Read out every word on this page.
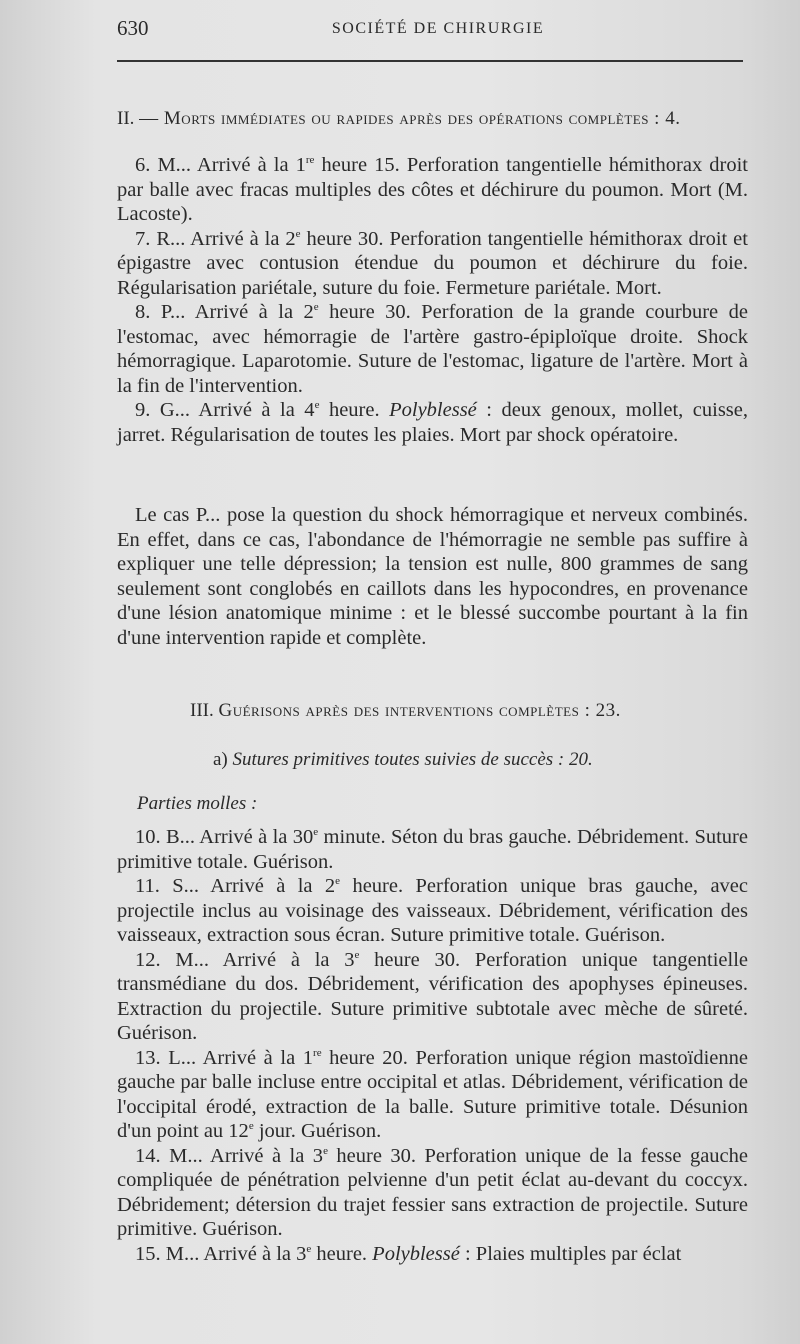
630	SOCIÉTÉ DE CHIRURGIE
II. — Morts immédiates ou rapides après des opérations complètes : 4.

6. M... Arrivé à la 1re heure 15. Perforation tangentielle hémithorax droit par balle avec fracas multiples des côtes et déchirure du poumon. Mort (M. Lacoste).

7. R... Arrivé à la 2e heure 30. Perforation tangentielle hémithorax droit et épigastre avec contusion étendue du poumon et déchirure du foie. Régularisation pariétale, suture du foie. Fermeture pariétale. Mort.

8. P... Arrivé à la 2e heure 30. Perforation de la grande courbure de l'estomac, avec hémorragie de l'artère gastro-épiploïque droite. Shock hémorragique. Laparotomie. Suture de l'estomac, ligature de l'artère. Mort à la fin de l'intervention.

9. G... Arrivé à la 4e heure. Polyblessé : deux genoux, mollet, cuisse, jarret. Régularisation de toutes les plaies. Mort par shock opératoire.

Le cas P... pose la question du shock hémorragique et nerveux combinés. En effet, dans ce cas, l'abondance de l'hémorragie ne semble pas suffire à expliquer une telle dépression; la tension est nulle, 800 grammes de sang seulement sont conglobés en caillots dans les hypocondres, en provenance d'une lésion anatomique minime : et le blessé succombe pourtant à la fin d'une intervention rapide et complète.

III. Guérisons après des interventions complètes : 23.
a) Sutures primitives toutes suivies de succès : 20.
Parties molles :

10. B... Arrivé à la 30e minute. Séton du bras gauche. Débridement. Suture primitive totale. Guérison.

11. S... Arrivé à la 2e heure. Perforation unique bras gauche, avec projectile inclus au voisinage des vaisseaux. Débridement, vérification des vaisseaux, extraction sous écran. Suture primitive totale. Guérison.

12. M... Arrivé à la 3e heure 30. Perforation unique tangentielle transmédiane du dos. Débridement, vérification des apophyses épineuses. Extraction du projectile. Suture primitive subtotale avec mèche de sûreté. Guérison.

13. L... Arrivé à la 1re heure 20. Perforation unique région mastoïdienne gauche par balle incluse entre occipital et atlas. Débridement, vérification de l'occipital érodé, extraction de la balle. Suture primitive totale. Désunion d'un point au 12e jour. Guérison.

14. M... Arrivé à la 3e heure 30. Perforation unique de la fesse gauche compliquée de pénétration pelvienne d'un petit éclat au-devant du coccyx. Débridement; détersion du trajet fessier sans extraction de projectile. Suture primitive. Guérison.

15. M... Arrivé à la 3e heure. Polyblessé : Plaies multiples par éclat
